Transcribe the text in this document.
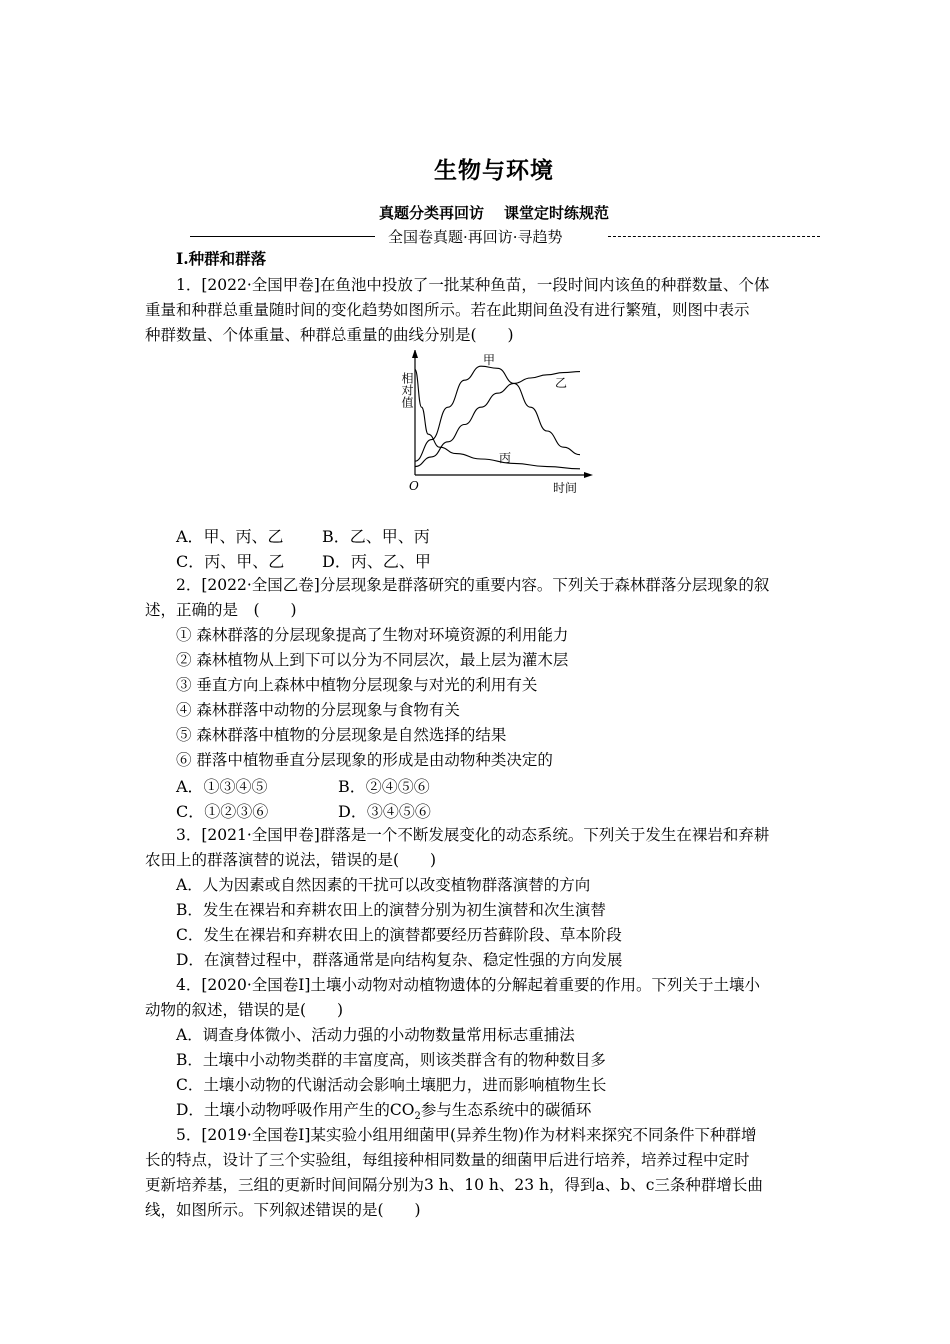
生物与环境
真题分类再回访 课堂定时练规范
全国卷真题·再回访·寻趋势
Ⅰ.种群和群落
1．[2022·全国甲卷]在鱼池中投放了一批某种鱼苗，一段时间内该鱼的种群数量、个体
重量和种群总重量随时间的变化趋势如图所示。若在此期间鱼没有进行繁殖，则图中表示
种群数量、个体重量、种群总重量的曲线分别是(　　)
相对值
O	时间
甲
乙
丙
A．甲、丙、乙 B．乙、甲、丙
C．丙、甲、乙 D．丙、乙、甲
2．[2022·全国乙卷]分层现象是群落研究的重要内容。下列关于森林群落分层现象的叙
述，正确的是　(　　)
① 森林群落的分层现象提高了生物对环境资源的利用能力
② 森林植物从上到下可以分为不同层次，最上层为灌木层
③ 垂直方向上森林中植物分层现象与对光的利用有关
④ 森林群落中动物的分层现象与食物有关
⑤ 森林群落中植物的分层现象是自然选择的结果
⑥ 群落中植物垂直分层现象的形成是由动物种类决定的
A．①③④⑤	B．②④⑤⑥
C．①②③⑥	D．③④⑤⑥
3．[2021·全国甲卷]群落是一个不断发展变化的动态系统。下列关于发生在裸岩和弃耕
农田上的群落演替的说法，错误的是(　　)
A．人为因素或自然因素的干扰可以改变植物群落演替的方向
B．发生在裸岩和弃耕农田上的演替分别为初生演替和次生演替
C．发生在裸岩和弃耕农田上的演替都要经历苔藓阶段、草本阶段
D．在演替过程中，群落通常是向结构复杂、稳定性强的方向发展
4．[2020·全国卷Ⅰ]土壤小动物对动植物遗体的分解起着重要的作用。下列关于土壤小
动物的叙述，错误的是(　　)
A．调查身体微小、活动力强的小动物数量常用标志重捕法
B．土壤中小动物类群的丰富度高，则该类群含有的物种数目多
C．土壤小动物的代谢活动会影响土壤肥力，进而影响植物生长
D．土壤小动物呼吸作用产生的$CO_2$参与生态系统中的碳循环
5．[2019·全国卷Ⅰ]某实验小组用细菌甲(异养生物)作为材料来探究不同条件下种群增
长的特点，设计了三个实验组，每组接种相同数量的细菌甲后进行培养，培养过程中定时
更新培养基，三组的更新时间间隔分别为3 h、10 h、23 h，得到a、b、c三条种群增长曲
线，如图所示。下列叙述错误的是(　　)
